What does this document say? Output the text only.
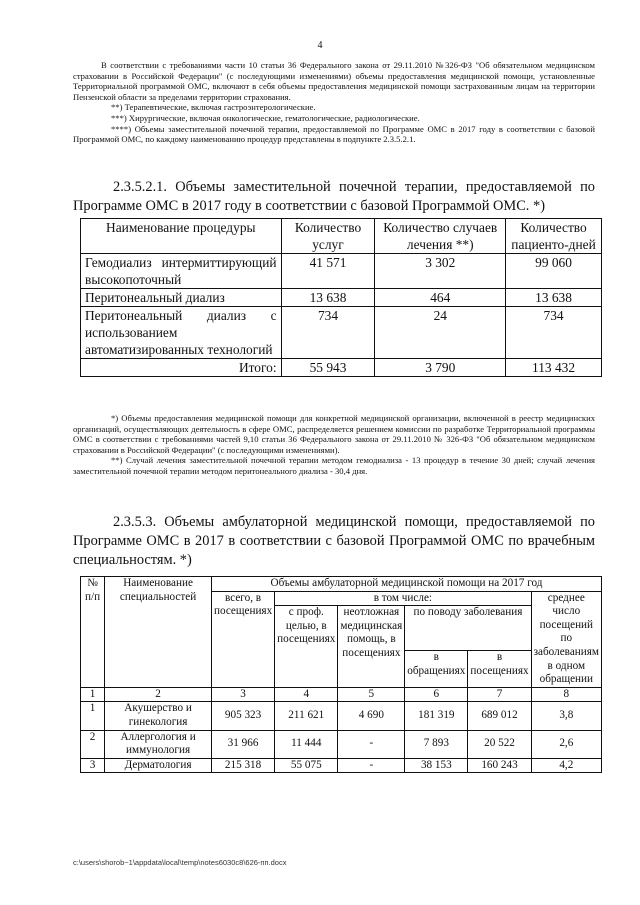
4

В соответствии с требованиями части 10 статьи 36 Федерального закона от 29.11.2010 №326-ФЗ "Об обязательном медицинском страховании в Российской Федерации" (с последующими изменениями) объемы предоставления медицинской помощи, установленные Территориальной программой ОМС, включают в себя объемы предоставления медицинской помощи застрахованным лицам на территории Пензенской области за пределами территории страхования.

**) Терапевтические, включая гастроэнтерологические.

***) Хирургические, включая онкологические, гематологические, радиологические.

****) Объемы заместительной почечной терапии, предоставляемой по Программе ОМС в 2017 году в соответствии с базовой Программой ОМС, по каждому наименованию процедур представлены в подпункте 2.3.5.2.1.

2.3.5.2.1. Объемы заместительной почечной терапии, предоставляемой по Программе ОМС в 2017 году в соответствии с базовой Программой ОМС. *)
Наименование процедуры	Количество услуг	Количество случаев лечения **)	Количество пациенто-дней
Гемодиализ интермиттирующий высокопоточный	41 571	3 302	99 060
Перитонеальный диализ	13 638	464	13 638
Перитонеальный диализ с использованием автоматизированных технологий	734	24	734
Итого:	55 943	3 790	113 432

*) Объемы предоставления медицинской помощи для конкретной медицинской организации, включенной в реестр медицинских организаций, осуществляющих деятельность в сфере ОМС, распределяется решением комиссии по разработке Территориальной программы ОМС в соответствии с требованиями частей 9,10 статьи 36 Федерального закона от 29.11.2010 № 326-ФЗ "Об обязательном медицинском страховании в Российской Федерации" (с последующими изменениями).

**) Случай лечения заместительной почечной терапии методом гемодиализа - 13 процедур в течение 30 дней; случай лечения заместительной почечной терапии методом перитонеального диализа - 30,4 дня.

2.3.5.3. Объемы амбулаторной медицинской помощи, предоставляемой по Программе ОМС в 2017 в соответствии с базовой Программой ОМС по врачебным специальностям. *)
№ п/п	Наименование специальностей	Объемы амбулаторной медицинской помощи на 2017 год					
		всего, в посещениях	в том числе:				среднее число посещений по заболеваниям в одном обращении
			с проф. целью, в посещениях	неотложная медицинская помощь, в посещениях	по поводу заболевания		
					в обращениях	в посещениях	
1	2	3	4	5	6	7	8
1	Акушерство и гинекология	905 323	211 621	4 690	181 319	689 012	3,8
2	Аллергология и иммунология	31 966	11 444	-	7 893	20 522	2,6
3	Дерматология	215 318	55 075	-	38 153	160 243	4,2
c:\users\shorob~1\appdata\local\temp\notes6030c8\626-пп.docx
